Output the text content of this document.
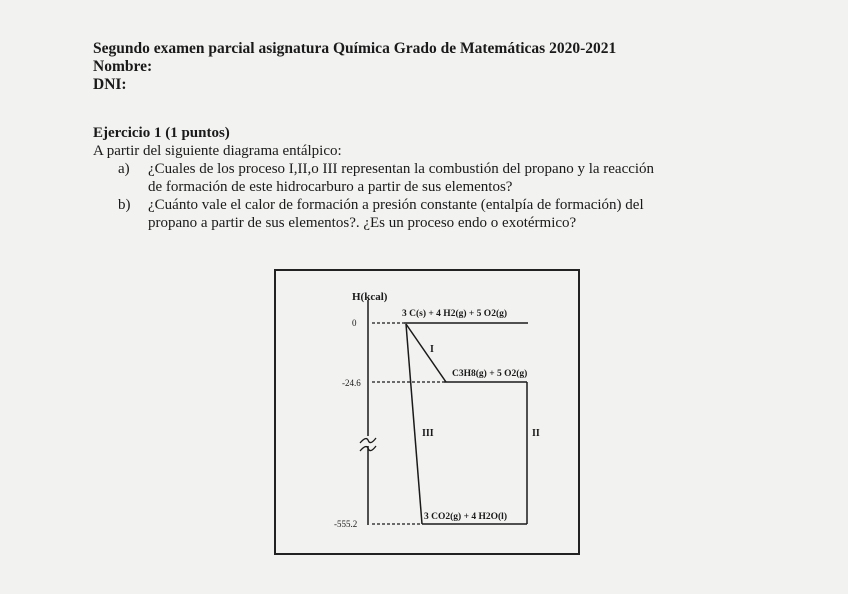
Segundo examen parcial asignatura Química Grado de Matemáticas 2020-2021
Nombre:
DNI:
Ejercicio 1 (1 puntos)
A partir del siguiente diagrama entálpico:
a) ¿Cuales de los proceso I,II,o III representan la combustión del propano y la reacción
de formación de este hidrocarburo a partir de sus elementos?
b) ¿Cuánto vale el calor de formación a presión constante (entalpía de formación) del
propano a partir de sus elementos?. ¿Es un proceso endo o exotérmico?
H(kcal)
0
-24.6
-555.2
3 C(s) + 4 H2(g) + 5 O2(g)
C3H8(g) + 5 O2(g)
3 CO2(g) + 4 H2O(l)
I
II
III
